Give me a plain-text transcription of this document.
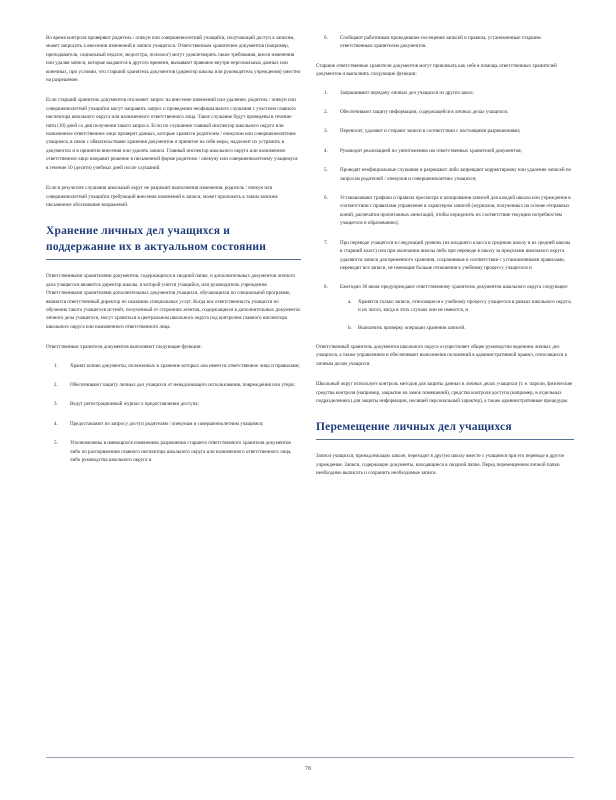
Во время контроля проверяют родитель / опекун или совершеннолетний учащийся, получающий доступ к записям, может запросить о внесении изменений в записи учащегося. Ответственным хранителем документов (например, преподавателя, социальный педагог, медсестра, психолог) могут удовлетворять такие требования, внося изменения или удаляя записи, которые выдаются в другого времени, вызывают правовое внутри персональных данных или конечных, при условии, что старший хранитель документов (директор школы или руководитель учреждения) уместно на разрешение.

Если старший хранитель документов отклоняет запрос на внесение изменений или удаление, родитель / опекун или совершеннолетний учащийся могут направить запрос о проведении неофициального слушания с участием главного инспектора школьного округа или назначенного ответственного лица. Такое слушание будут проведены в течение пяти (10) дней со дня получения такого запроса. Если по слушанию главный инспектор школьного округа или назначенное ответственное лицо проверит данных, которые хранятся родителем / опекуном или совершеннолетним учащимся, в связи с обязательствами хранения документов и принятое на себя меры, надлежит их устранить в документах и в принятии внесения или удалять записи. Главный инспектор школьного округа или назначенное ответственное лицо направит решение в письменной форме родителю / опекуну или совершеннолетнему учащемуся в течение 10 (десяти) учебных дней после слушаний.

Если в результате слушания школьный округ не разрешит выполнения изменения, родитель / опекун или совершеннолетний учащийся требующий внесения изменений в записи, может приложить к таким записям письменное обоснование возражений.

Хранение личных дел учащихся и
поддержание их в актуальном состоянии

Ответственными хранителями документов, содержащихся в сводной папке, и дополнительных документов личного дела учащегося являются директор школы, в которой учится учащийся, или руководитель учреждения. Ответственными хранителями дополнительных документов учащихся, обучающихся по специальной программе, являются ответственный директор по оказанию специальных услуг. Когда вся ответственность учащихся по обучению такого учащегося истечёт, полученный от сторонних агентов, содержащиеся в дополнительных документах личного дела учащегося, могут храниться в центральном школьного округа под контролем главного инспектора школьного округа или назначенного ответственного лица.

Ответственные хранители документов выполняют следующие функции:

1. Хранят копию документы, положенных в хранение которых она имеется ответственное лицо и правилами;
2. Обеспечивают защиту личных дел учащихся от ненадлежащего использования, повреждения или утери;
3. Ведут регистрационный журнал о предоставлении доступа;
4. Предоставляют по запросу доступ родителям / опекунам и совершеннолетним учащимся;
5. Уполномочены в имеющихся изменениях разрешения старшего ответственного хранителя документов либо по распоряжению главного инспектора школьного округа или назначенного ответственного лица, либо руководства школьного округа и
6. Сообщают работникам проводившие посещения записей и правила, установленные старшим ответственным хранителем документов.

Старшие ответственные хранители документов могут привлекать как себе в помощь ответственных хранителей документов и выполнять следующие функции:

1. Запрашивают передачу личных дел учащихся из других школ;
2. Обеспечивают защиту информации, содержащейся в личных делах учащихся;
3. Переносят, удаляют и стирают записи в соответствии с настоящими разрешениями;
4. Руководит реализацией по уничтожению им ответственных хранителей документов;
5. Проводят неофициальные слушания и разрешают либо запрещают корректировку или удаление записей по запросам родителей / опекунов и совершеннолетних учащихся;
6. Устанавливают графики и правила просмотра и копирования записей для каждой школы или учреждения в соответствии с правилами управления и характером записей (журналов, полученных на основе отправных копий, распечатки прочитанных аннотаций, чтобы определить их соответствие текущим потребностям учащегося и образованию);
7. При переводе учащегося в следующий уровень (из младшего класса в среднюю школу и из средней школы в старший класс) или при окончании школы либо при переводе в школу за пределами школьного округа удаляются записи для временного хранения, сохраняемые в соответствии с установленными правилами, переводят все записи, не имеющие больше отношения к учебному процессу учащегося и
8. Ежегодно 30 июля предупреждают ответственному хранителю документов школьного округа следующее:
a. Хранятся только записи, относящиеся к учебному процессу учащегося в рамках школьного округа, и их число, когда в этих случаях они не имеются, и
b. Выполнить проверку операции хранения записей.

Ответственный хранитель документов школьного округа осуществляет общее руководство ведением личных дел учащихся, а также управлением и обеспечивает выполнения положений в административной правил, относящихся к личным делам учащихся.

Школьный округ использует контроль методов для защиты данных в личных делах учащихся (т. е. пароли, физические средства контроля (например, закрытие на замок помещений), средства контроля доступа (например, в отдельных подразделениях) для защиты информации, носящей персональный характер), а также административные процедуры.

Перемещение личных дел учащихся

Записи учащихся, принадлежащих школе, переходят в другую школу вместе с учащимся при его переводе в другое учреждение. Записи, содержащие документы, находящиеся в сводной папке. Перед перемещением личной папки необходимо выписать и сохранить необходимые записи.

78
